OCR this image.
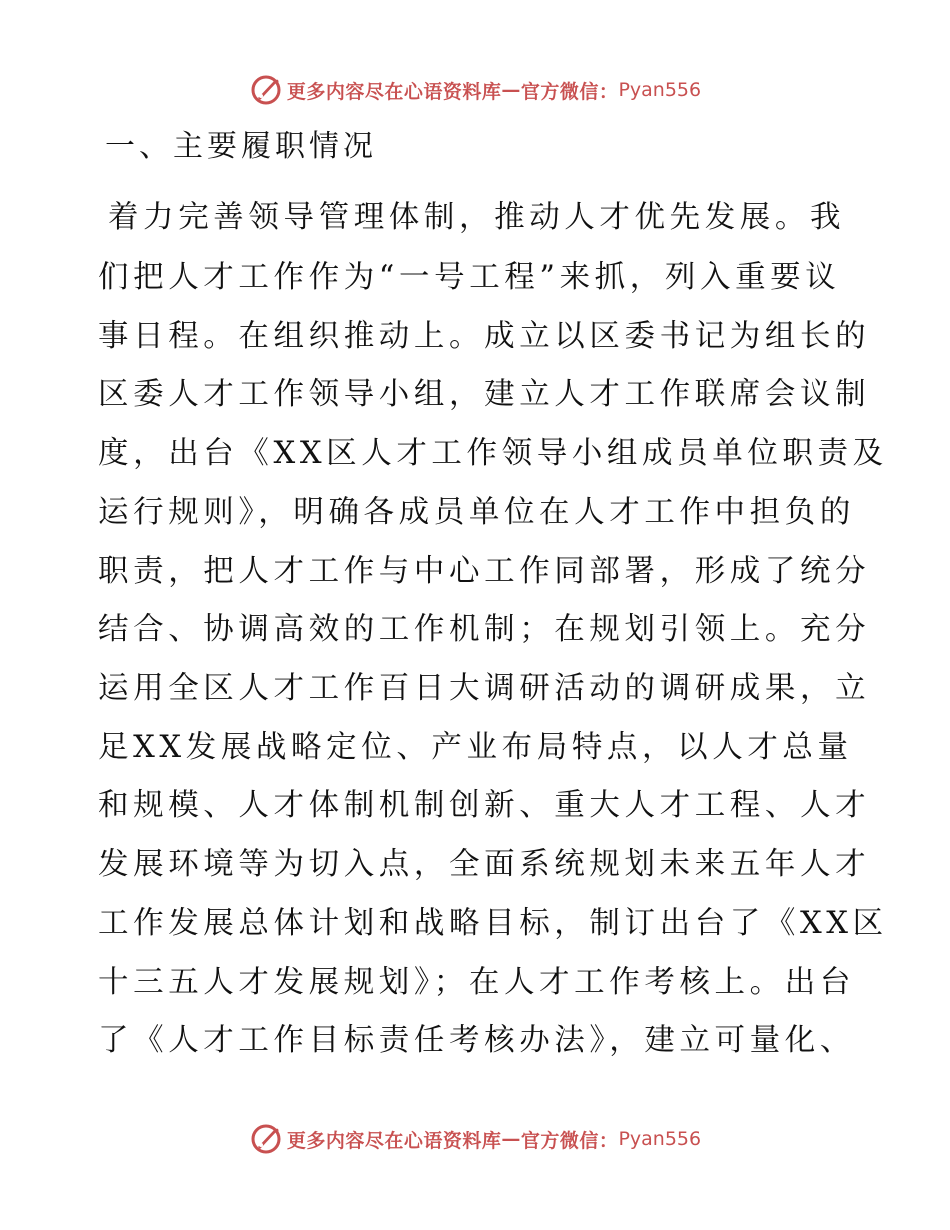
更多内容尽在心语资料库 — 官方微信： Pyan556
一、主要履职情况

着力完善领导管理体制，推动人才优先发展。我

们把人才工作作为“一号工程”来抓，列入重要议

事日程。在组织推动上。成立以区委书记为组长的

区委人才工作领导小组，建立人才工作联席会议制

度，出台《XX区人才工作领导小组成员单位职责及

运行规则》，明确各成员单位在人才工作中担负的

职责，把人才工作与中心工作同部署，形成了统分

结合、协调高效的工作机制；在规划引领上。充分

运用全区人才工作百日大调研活动的调研成果，立

足XX发展战略定位、产业布局特点，以人才总量

和规模、人才体制机制创新、重大人才工程、人才

发展环境等为切入点，全面系统规划未来五年人才

工作发展总体计划和战略目标，制订出台了《XX区

十三五人才发展规划》；在人才工作考核上。出台

了《人才工作目标责任考核办法》，建立可量化、

更多内容尽在心语资料库 — 官方微信： Pyan556
